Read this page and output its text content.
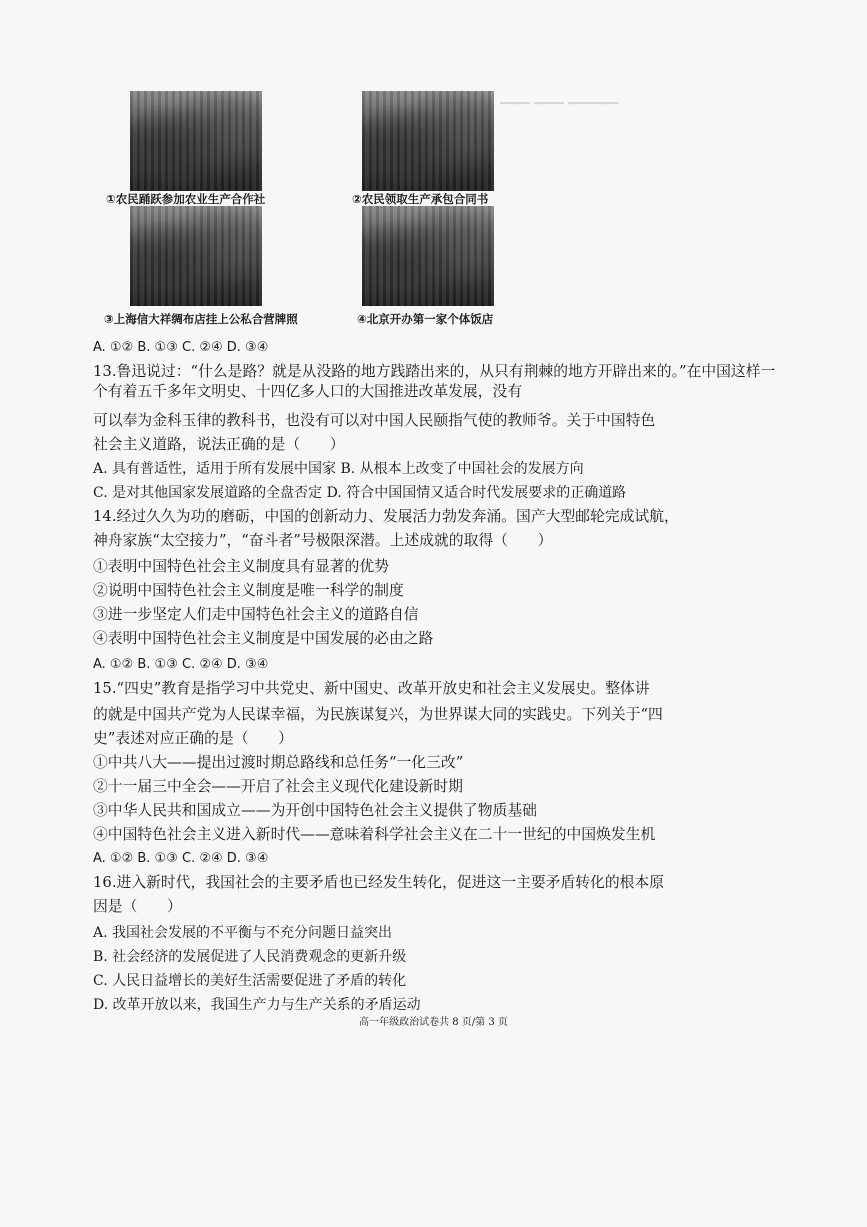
▁▁▁ ▁▁▁ ▁▁▁▁▁
①农民踊跃参加农业生产合作社	②农民领取生产承包合同书
③上海信大祥绸布店挂上公私合营牌照	④北京开办第一家个体饭店
A. ①② B. ①③ C. ②④ D. ③④
13.鲁迅说过：“什么是路？就是从没路的地方践踏出来的，从只有荆棘的地方开辟出来的。”在中国这样一个有着五千多年文明史、十四亿多人口的大国推进改革发展，没有
可以奉为金科玉律的教科书，也没有可以对中国人民颐指气使的教师爷。关于中国特色
社会主义道路，说法正确的是（　　）
A. 具有普适性，适用于所有发展中国家 B. 从根本上改变了中国社会的发展方向
C. 是对其他国家发展道路的全盘否定 D. 符合中国国情又适合时代发展要求的正确道路
14.经过久久为功的磨砺，中国的创新动力、发展活力勃发奔涌。国产大型邮轮完成试航，
神舟家族“太空接力”，“奋斗者”号极限深潜。上述成就的取得（　　）
①表明中国特色社会主义制度具有显著的优势
②说明中国特色社会主义制度是唯一科学的制度
③进一步坚定人们走中国特色社会主义的道路自信
④表明中国特色社会主义制度是中国发展的必由之路
A. ①② B. ①③ C. ②④ D. ③④
15.“四史”教育是指学习中共党史、新中国史、改革开放史和社会主义发展史。整体讲
的就是中国共产党为人民谋幸福，为民族谋复兴，为世界谋大同的实践史。下列关于“四
史”表述对应正确的是（　　）
①中共八大——提出过渡时期总路线和总任务“一化三改”
②十一届三中全会——开启了社会主义现代化建设新时期
③中华人民共和国成立——为开创中国特色社会主义提供了物质基础
④中国特色社会主义进入新时代——意味着科学社会主义在二十一世纪的中国焕发生机
A. ①② B. ①③ C. ②④ D. ③④
16.进入新时代，我国社会的主要矛盾也已经发生转化，促进这一主要矛盾转化的根本原
因是（　　）
A. 我国社会发展的不平衡与不充分问题日益突出
B. 社会经济的发展促进了人民消费观念的更新升级
C. 人民日益增长的美好生活需要促进了矛盾的转化
D. 改革开放以来，我国生产力与生产关系的矛盾运动
高一年级政治试卷共 8 页/第 3 页
